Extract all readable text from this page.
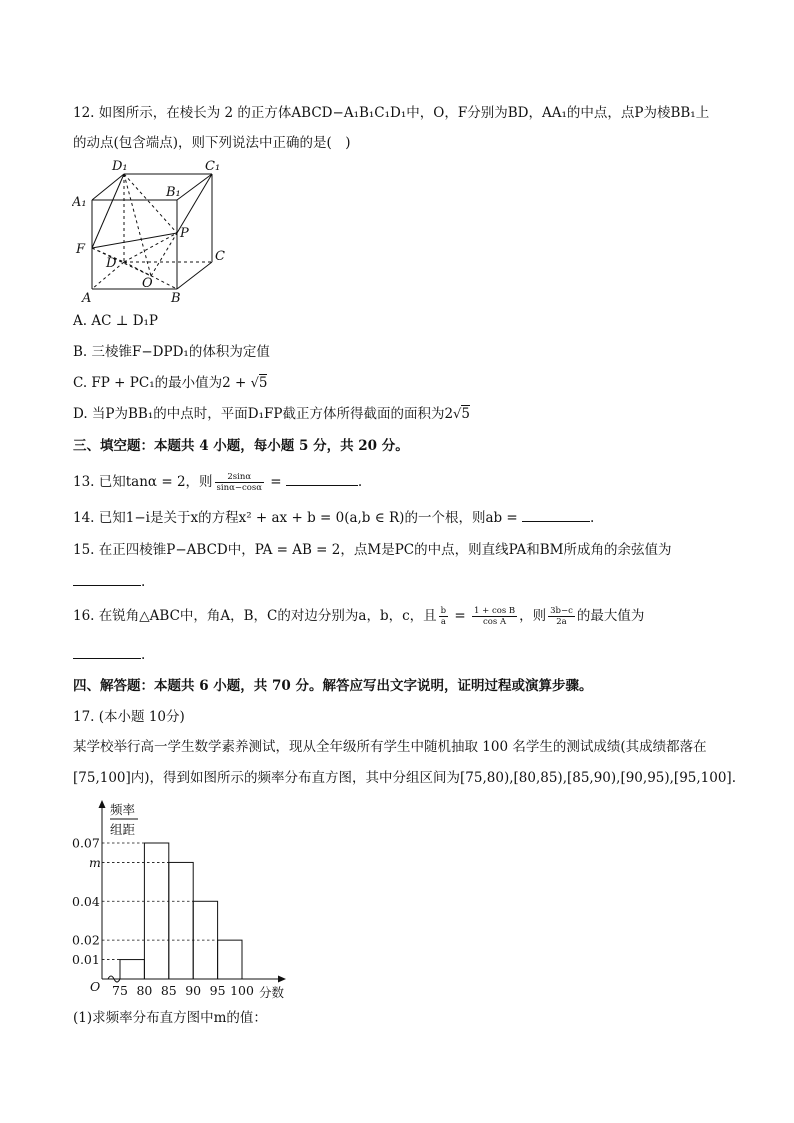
12. 如图所示，在棱长为 2 的正方体ABCD−A₁B₁C₁D₁中，O，F分别为BD，AA₁的中点，点P为棱BB₁上
的动点(包含端点)，则下列说法中正确的是(　)
D₁	C₁
B₁
A₁
P
F	C
D
O
A	B
A. AC ⊥ D₁P
B. 三棱锥F−DPD₁的体积为定值
C. FP + PC₁的最小值为2 + √5
D. 当P为BB₁的中点时，平面D₁FP截正方体所得截面的面积为2√5
三、填空题：本题共 4 小题，每小题 5 分，共 20 分。
13. 已知tanα = 2，则 $\frac{2\sin\alpha}{\sin\alpha-\cos\alpha}$ =	.
14. 已知1−i是关于x的方程x² + ax + b = 0(a,b ∈ R)的一个根，则ab =	.
15. 在正四棱锥P−ABCD中，PA = AB = 2，点M是PC的中点，则直线PA和BM所成角的余弦值为
.
16. 在锐角△ABC中，角A，B，C的对边分别为a，b，c，且 $\frac{b}{a} = \frac{\text{1 + cos B}}{\text{cos A}}$ ，则 $\frac{3b-c}{2a}$ 的最大值为
.
四、解答题：本题共 6 小题，共 70 分。解答应写出文字说明，证明过程或演算步骤。
17. (本小题 10分)
某学校举行高一学生数学素养测试，现从全年级所有学生中随机抽取 100 名学生的测试成绩(其成绩都落在
[75,100]内)，得到如图所示的频率分布直方图，其中分组区间为[75,80),[80,85),[85,90),[90,95),[95,100].
频率
组距
0.07
m
0.04
0.02
0.01
75 80 85 90 95 100
O	分数
(1)求频率分布直方图中m的值：
